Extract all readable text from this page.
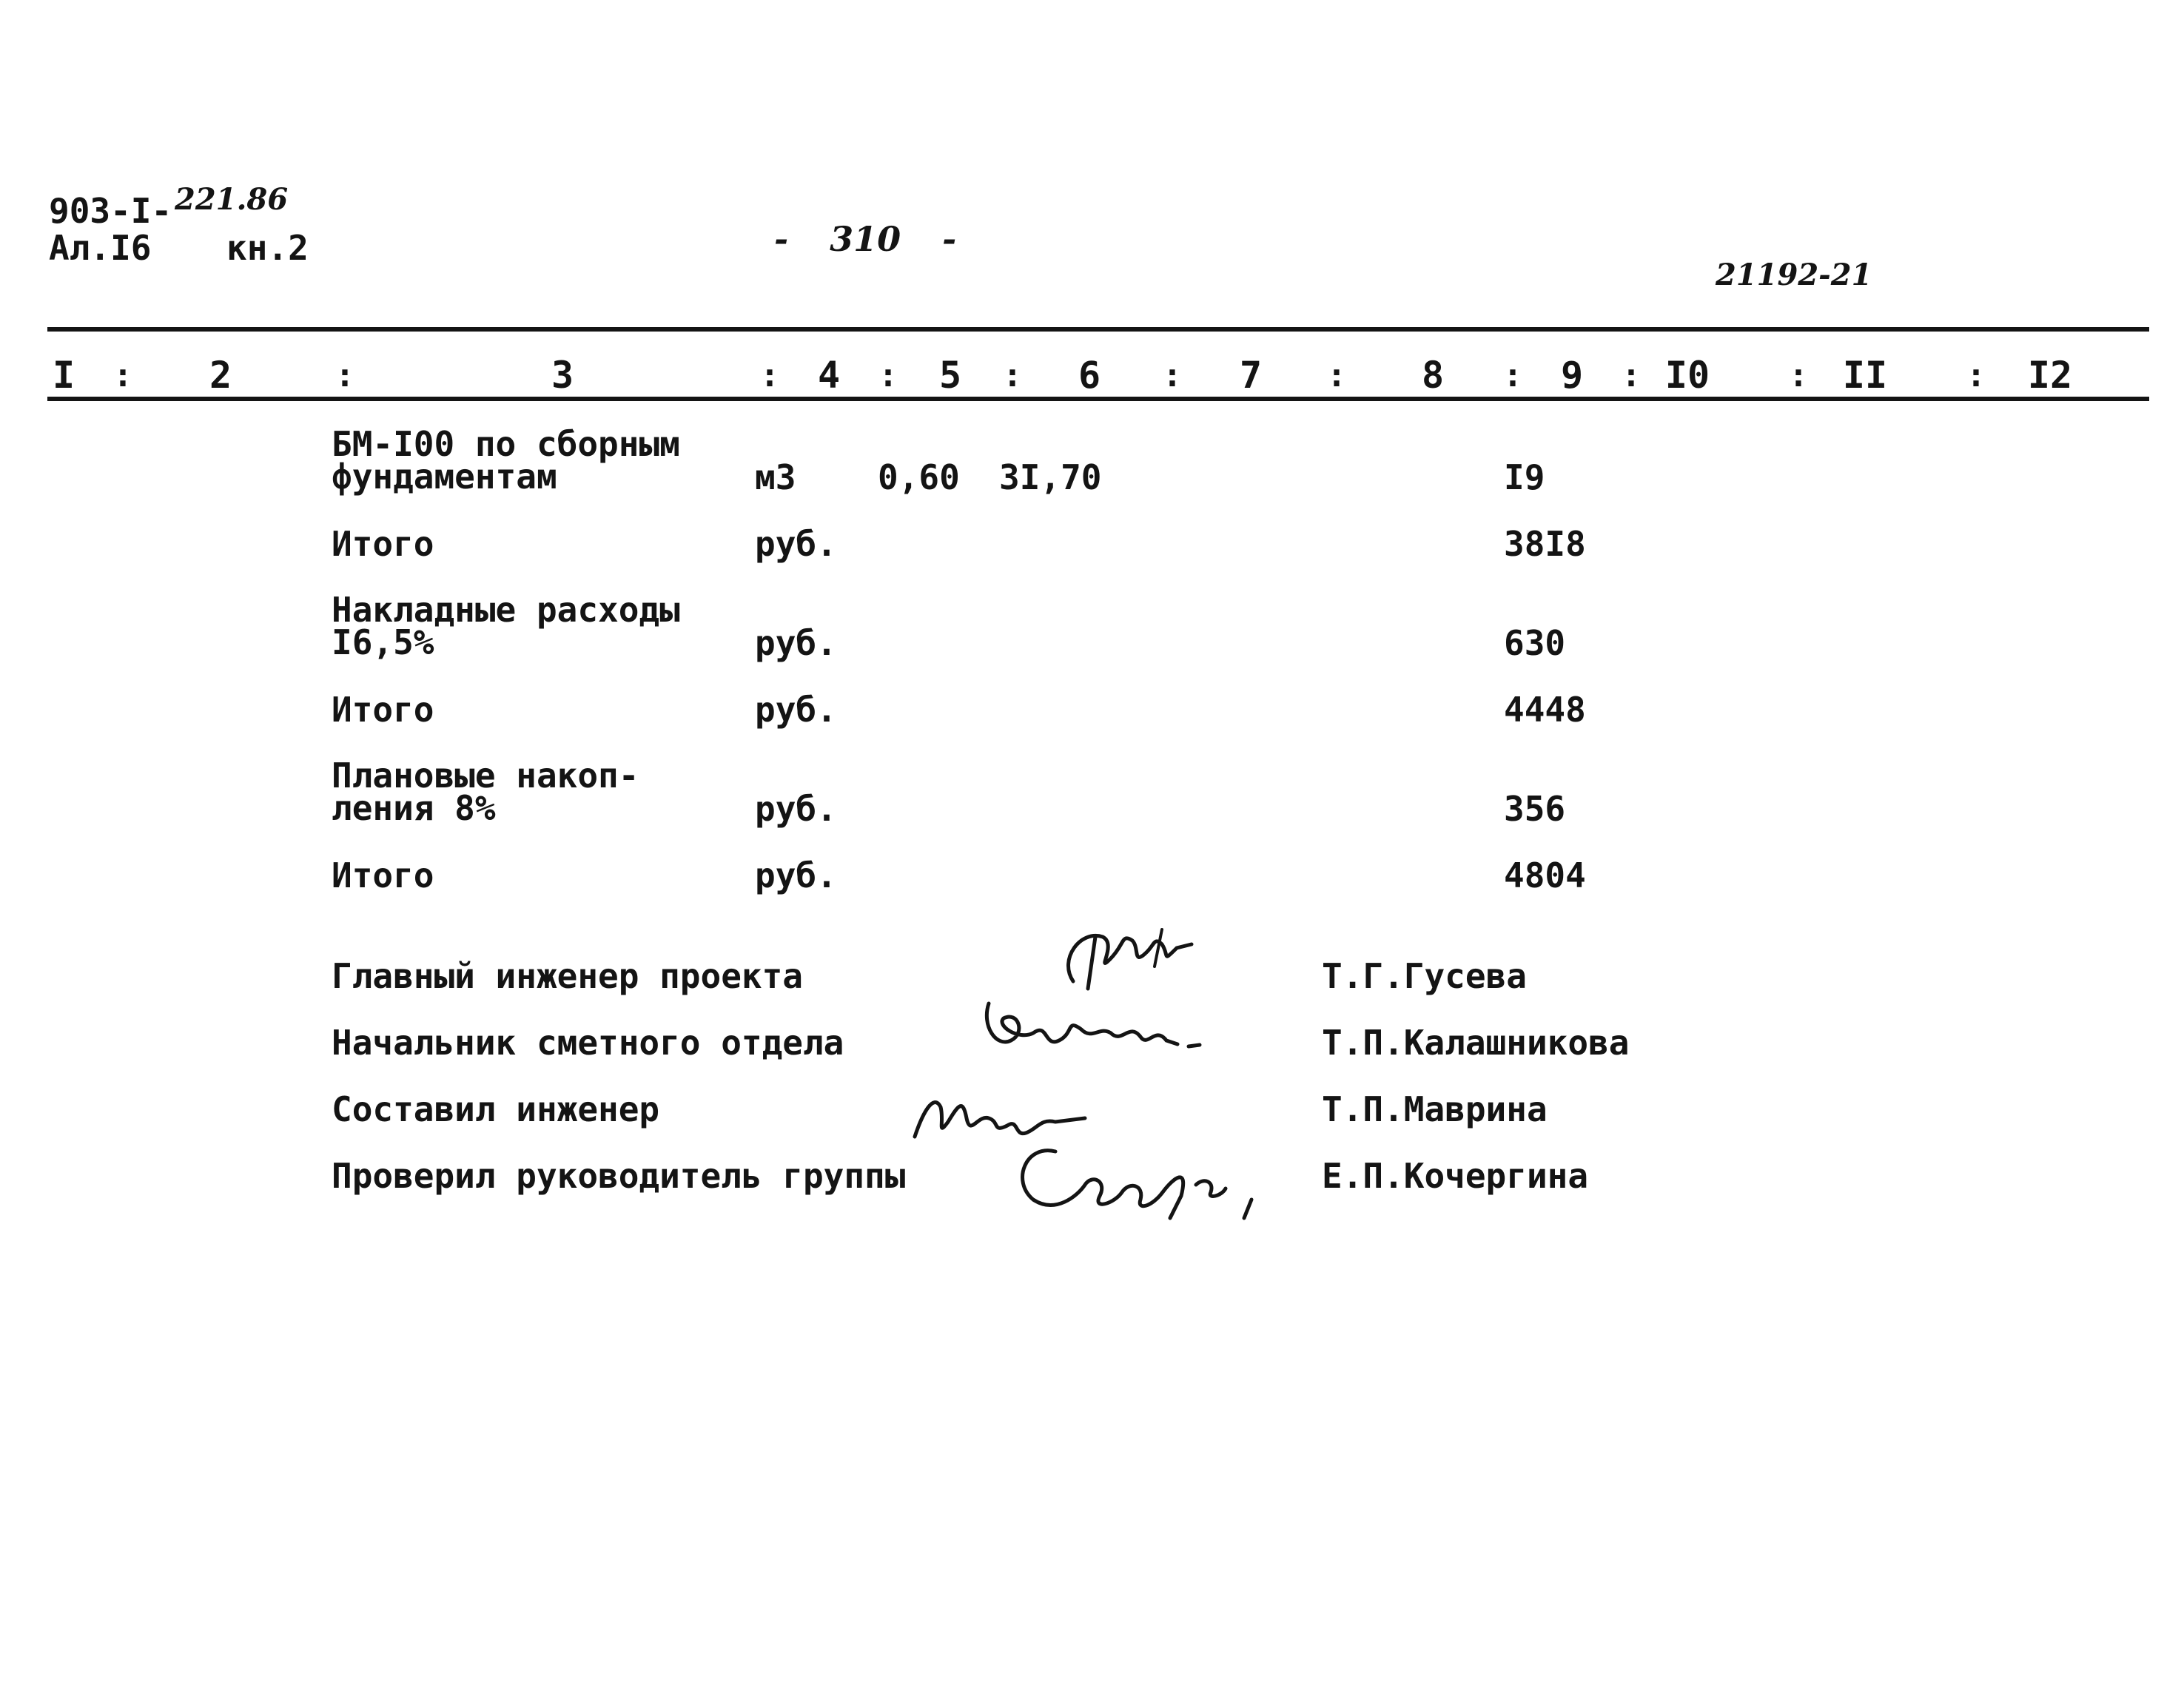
903-I- 221.86
Ал.I6 кн.2	- 310 -
21192-21
I	2	3	4	5	6	7	8	9 I0	II	I2
:	:	:	:	:	:	:	:	:	:	:
БМ-I00 по сборным
фундаментам	м3 0,60 3I,70	I9
Итого	руб.	38I8
Накладные расходы
I6,5%	руб.	630
Итого	руб.	4448
Плановые накоп-
ления 8%	руб.	356
Итого	руб.	4804
Главный инженер проекта	Т.Г.Гусева
Начальник сметного отдела	Т.П.Калашникова
Составил инженер	Т.П.Маврина
Проверил руководитель группы	Е.П.Кочергина
